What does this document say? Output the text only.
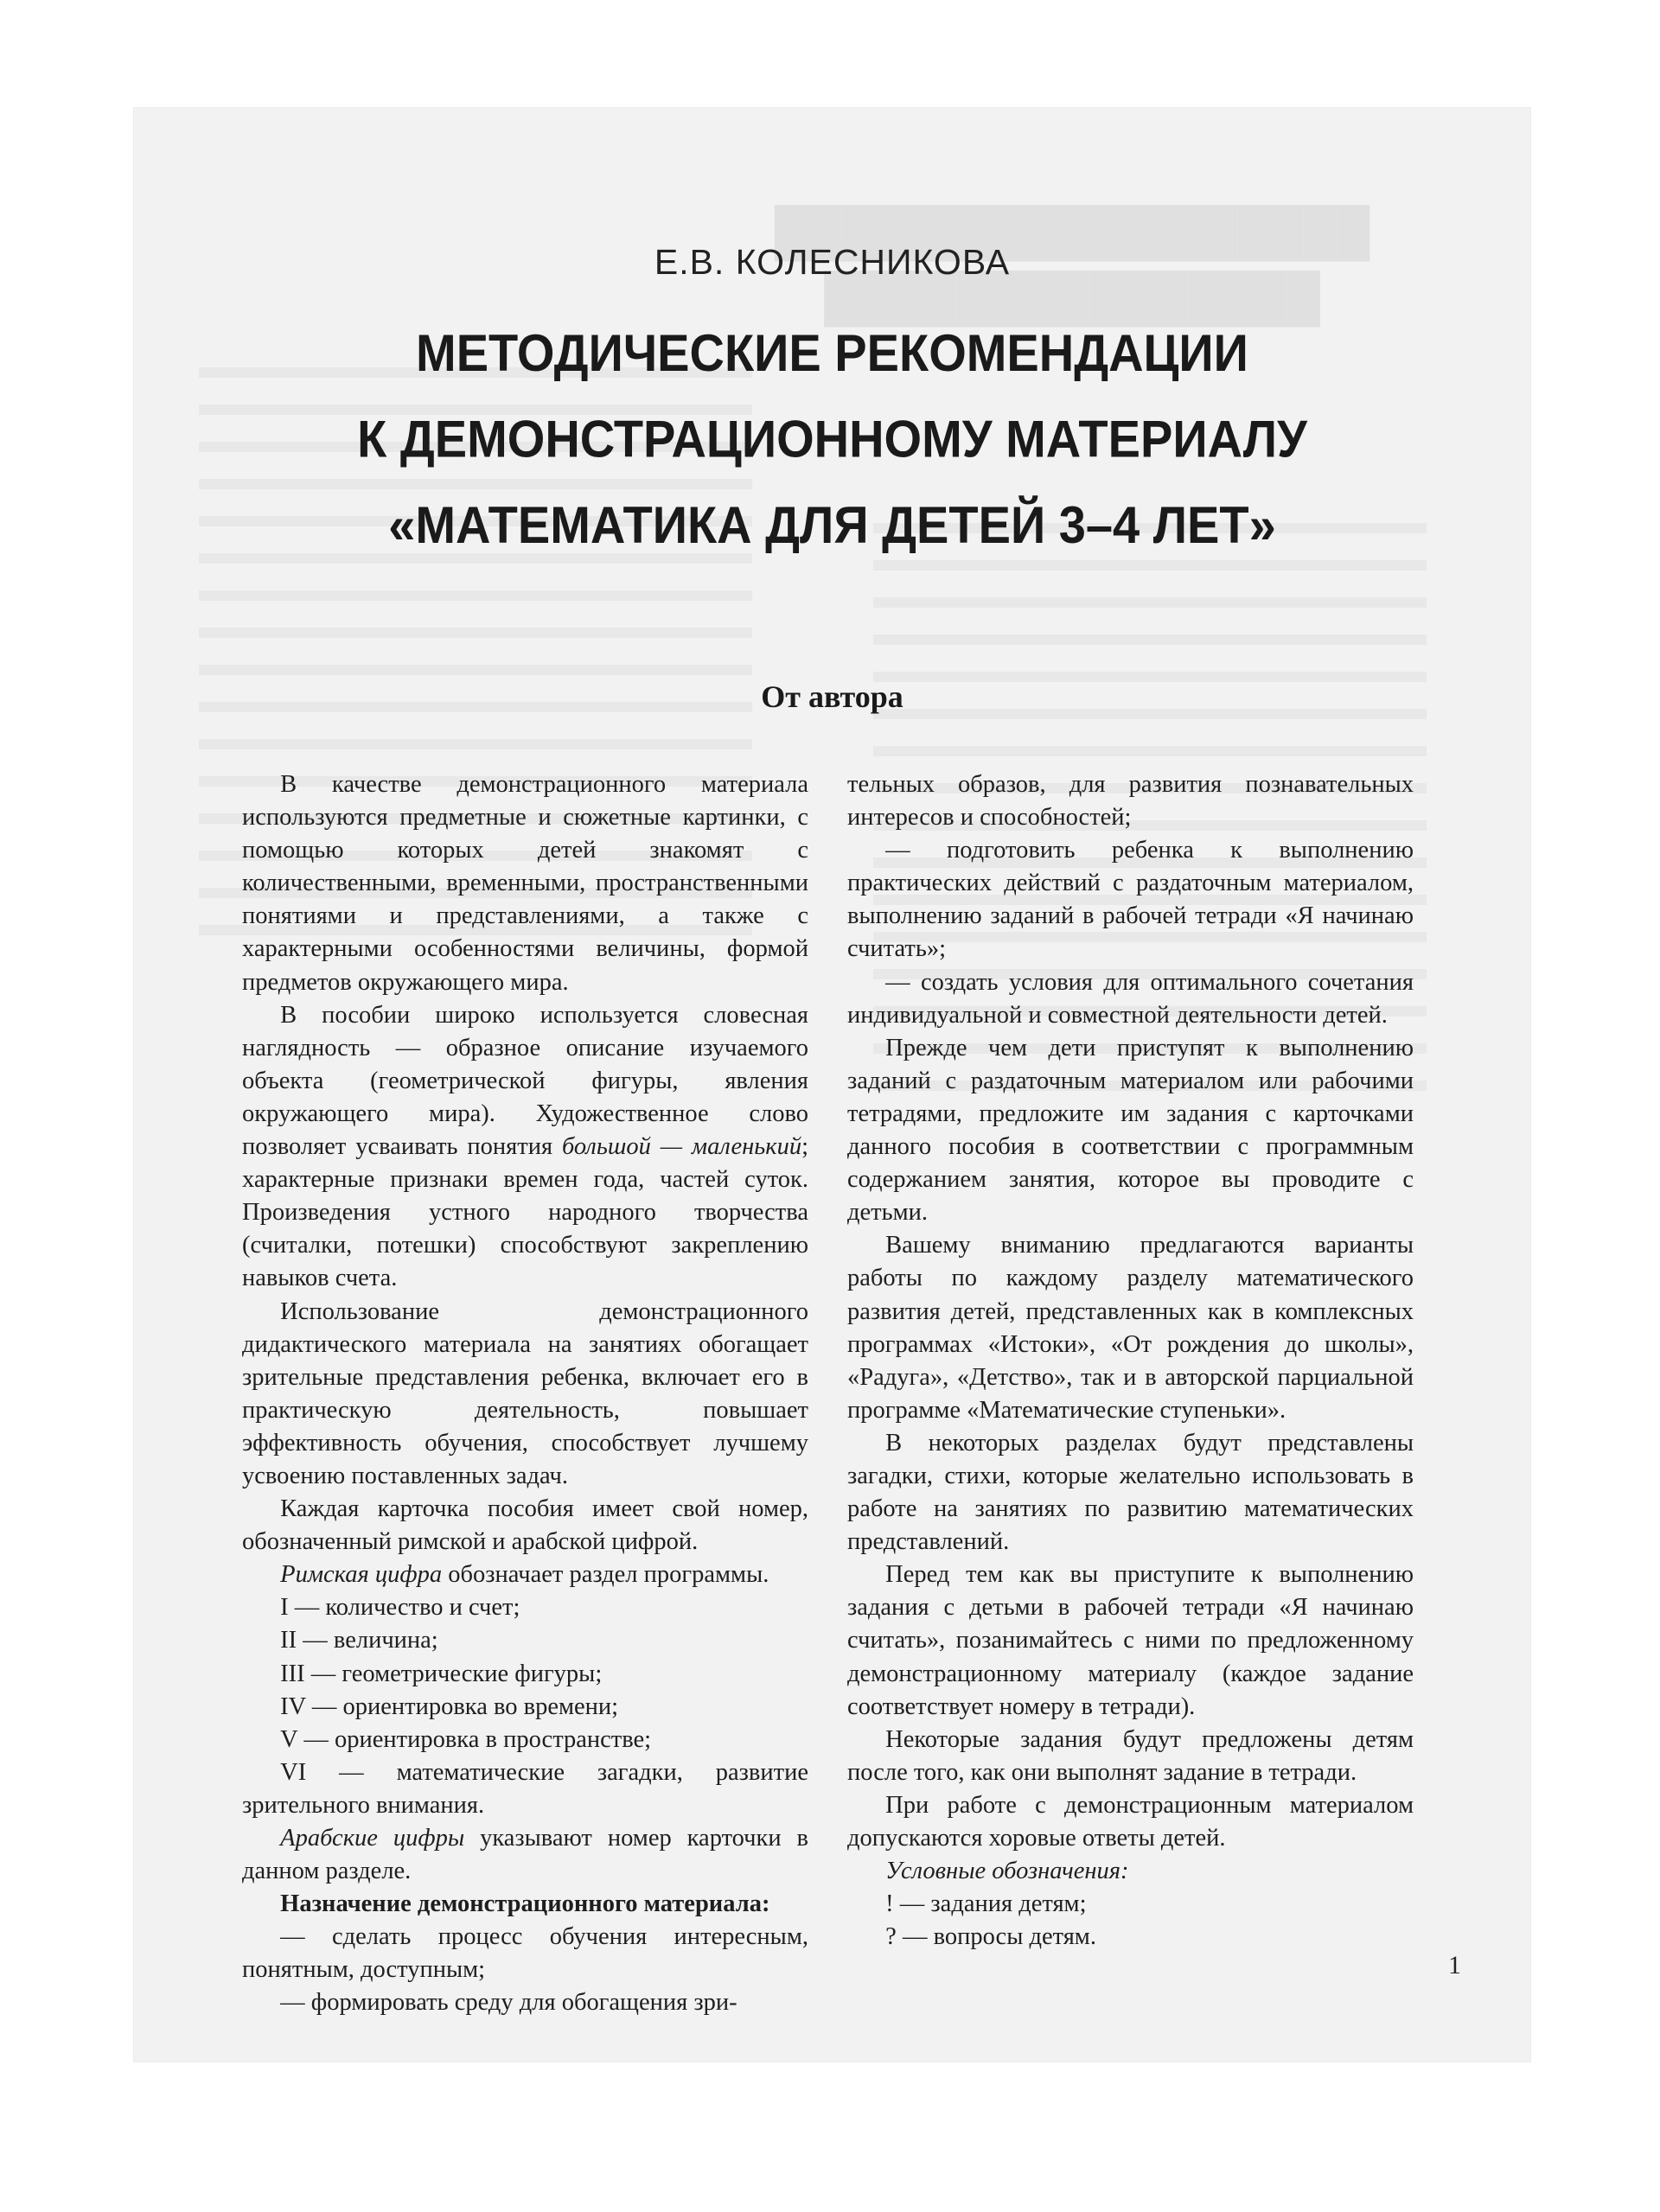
██████████████████
███████████████
Е.В. КОЛЕСНИКОВА
МЕТОДИЧЕСКИЕ РЕКОМЕНДАЦИИ
К ДЕМОНСТРАЦИОННОМУ МАТЕРИАЛУ
«МАТЕМАТИКА ДЛЯ ДЕТЕЙ 3–4 ЛЕТ»
От автора

В качестве демонстрационного материала используются предметные и сюжетные картинки, с помощью которых детей знакомят с количественными, временными, пространственными понятиями и представлениями, а также с характерными особенностями величины, формой предметов окружающего мира.

В пособии широко используется словесная наглядность — образное описание изучаемого объекта (геометрической фигуры, явления окружающего мира). Художественное слово позволяет усваивать понятия большой — маленький; характерные признаки времен года, частей суток. Произведения устного народного творчества (считалки, потешки) способствуют закреплению навыков счета.

Использование демонстрационного дидактического материала на занятиях обогащает зрительные представления ребенка, включает его в практическую деятельность, повышает эффективность обучения, способствует лучшему усвоению поставленных задач.

Каждая карточка пособия имеет свой номер, обозначенный римской и арабской цифрой.

Римская цифра обозначает раздел программы.

I — количество и счет;

II — величина;

III — геометрические фигуры;

IV — ориентировка во времени;

V — ориентировка в пространстве;

VI — математические загадки, развитие зрительного внимания.

Арабские цифры указывают номер карточки в данном разделе.

Назначение демонстрационного материала:

— сделать процесс обучения интересным, понятным, доступным;

— формировать среду для обогащения зри-

тельных образов, для развития познавательных интересов и способностей;

— подготовить ребенка к выполнению практических действий с раздаточным материалом, выполнению заданий в рабочей тетради «Я начинаю считать»;

— создать условия для оптимального сочетания индивидуальной и совместной деятельности детей.

Прежде чем дети приступят к выполнению заданий с раздаточным материалом или рабочими тетрадями, предложите им задания с карточками данного пособия в соответствии с программным содержанием занятия, которое вы проводите с детьми.

Вашему вниманию предлагаются варианты работы по каждому разделу математического развития детей, представленных как в комплексных программах «Истоки», «От рождения до школы», «Радуга», «Детство», так и в авторской парциальной программе «Математические ступеньки».

В некоторых разделах будут представлены загадки, стихи, которые желательно использовать в работе на занятиях по развитию математических представлений.

Перед тем как вы приступите к выполнению задания с детьми в рабочей тетради «Я начинаю считать», позанимайтесь с ними по предложенному демонстрационному материалу (каждое задание соответствует номеру в тетради).

Некоторые задания будут предложены детям после того, как они выполнят задание в тетради.

При работе с демонстрационным материалом допускаются хоровые ответы детей.

Условные обозначения:

! — задания детям;

? — вопросы детям.

1
